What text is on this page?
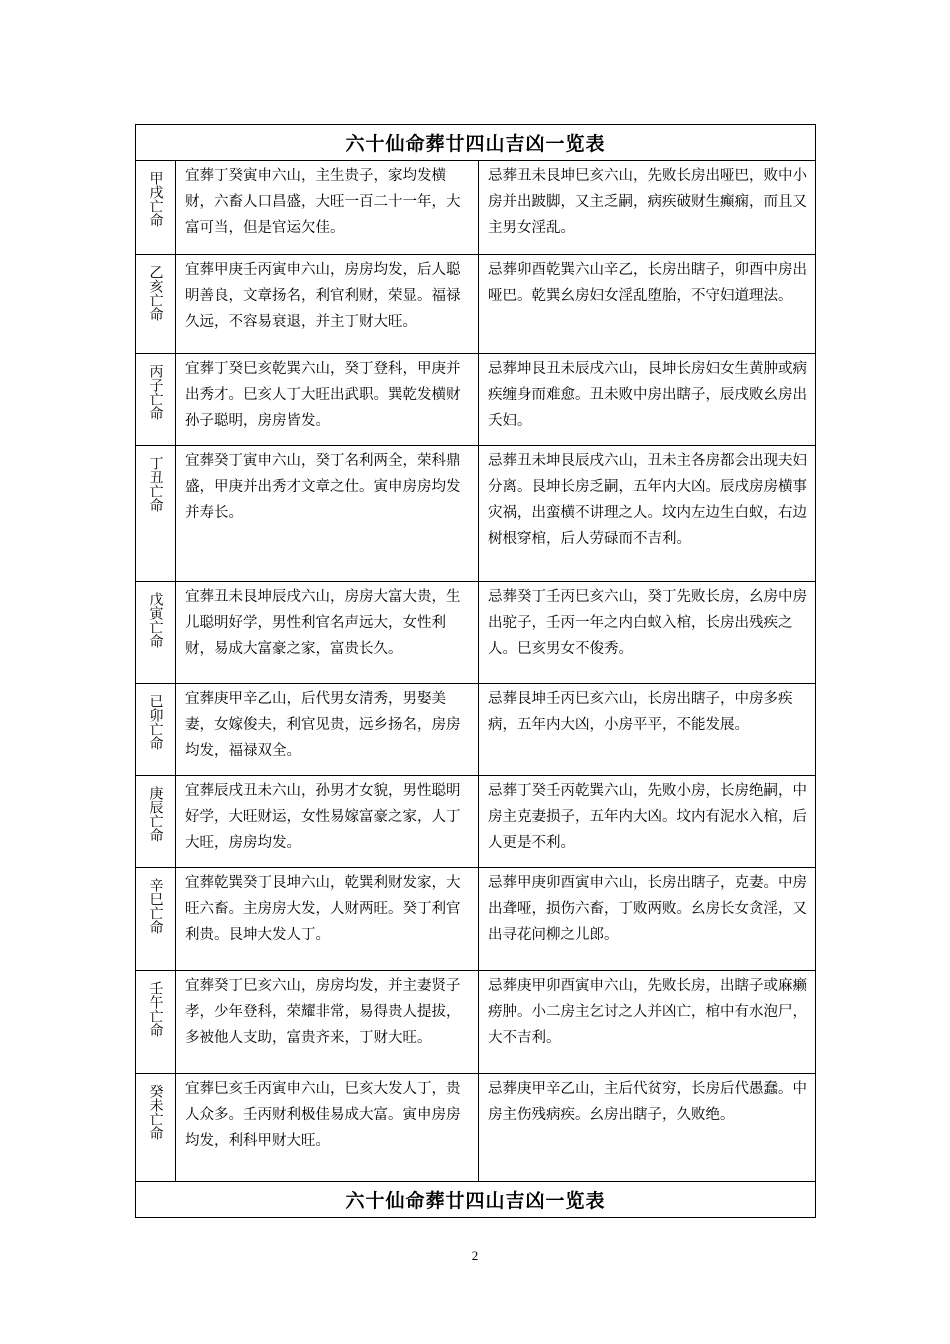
六十仙命葬廿四山吉凶一览表		

甲戌亡命	宜葬丁癸寅申六山，主生贵子，家均发横财，六畜人口昌盛，大旺一百二十一年，大富可当，但是官运欠佳。	忌葬丑未艮坤巳亥六山，先败长房出哑巴，败中小房并出跛脚，又主乏嗣，病疾破财生癫痫，而且又主男女淫乱。

乙亥亡命	宜葬甲庚壬丙寅申六山，房房均发，后人聪明善良，文章扬名，利官利财，荣显。福禄久远，不容易衰退，并主丁财大旺。	忌葬卯酉乾巽六山辛乙，长房出瞎子，卯酉中房出哑巴。乾巽幺房妇女淫乱堕胎，不守妇道理法。

丙子亡命	宜葬丁癸巳亥乾巽六山，癸丁登科，甲庚并出秀才。巳亥人丁大旺出武职。巽乾发横财孙子聪明，房房皆发。	忌葬坤艮丑未辰戌六山，艮坤长房妇女生黄肿或病疾缠身而难愈。丑未败中房出瞎子，辰戌败幺房出夭妇。

丁丑亡命	宜葬癸丁寅申六山，癸丁名利两全，荣科鼎盛，甲庚并出秀才文章之仕。寅申房房均发并寿长。	忌葬丑未坤艮辰戌六山，丑未主各房都会出现夫妇分离。艮坤长房乏嗣，五年内大凶。辰戌房房横事灾祸，出蛮横不讲理之人。坟内左边生白蚁，右边树根穿棺，后人劳碌而不吉利。

戊寅亡命	宜葬丑未艮坤辰戌六山，房房大富大贵，生儿聪明好学，男性利官名声远大，女性利财，易成大富豪之家，富贵长久。	忌葬癸丁壬丙巳亥六山，癸丁先败长房，幺房中房出驼子，壬丙一年之内白蚁入棺，长房出残疾之人。巳亥男女不俊秀。

已卯亡命	宜葬庚甲辛乙山，后代男女清秀，男娶美妻，女嫁俊夫，利官见贵，远乡扬名，房房均发，福禄双全。	忌葬艮坤壬丙巳亥六山，长房出瞎子，中房多疾病，五年内大凶，小房平平，不能发展。

庚辰亡命	宜葬辰戌丑未六山，孙男才女貌，男性聪明好学，大旺财运，女性易嫁富豪之家，人丁大旺，房房均发。	忌葬丁癸壬丙乾巽六山，先败小房，长房绝嗣，中房主克妻损子，五年内大凶。坟内有泥水入棺，后人更是不利。

辛巳亡命	宜葬乾巽癸丁艮坤六山，乾巽利财发家，大旺六畜。主房房大发，人财两旺。癸丁利官利贵。艮坤大发人丁。	忌葬甲庚卯酉寅申六山，长房出瞎子，克妻。中房出聋哑，损伤六畜，丁败两败。幺房长女贪淫，又出寻花问柳之儿郎。

壬午亡命	宜葬癸丁巳亥六山，房房均发，并主妻贤子孝，少年登科，荣耀非常，易得贵人提拔，多被他人支助，富贵齐来，丁财大旺。	忌葬庚甲卯酉寅申六山，先败长房，出瞎子或麻癞痨肿。小二房主乞讨之人并凶亡，棺中有水泡尸，大不吉利。

癸未亡命	宜葬巳亥壬丙寅申六山，巳亥大发人丁，贵人众多。壬丙财利极佳易成大富。寅申房房均发，利科甲财大旺。	忌葬庚甲辛乙山，主后代贫穷，长房后代愚蠢。中房主伤残病疾。幺房出瞎子，久败绝。
六十仙命葬廿四山吉凶一览表		
2
